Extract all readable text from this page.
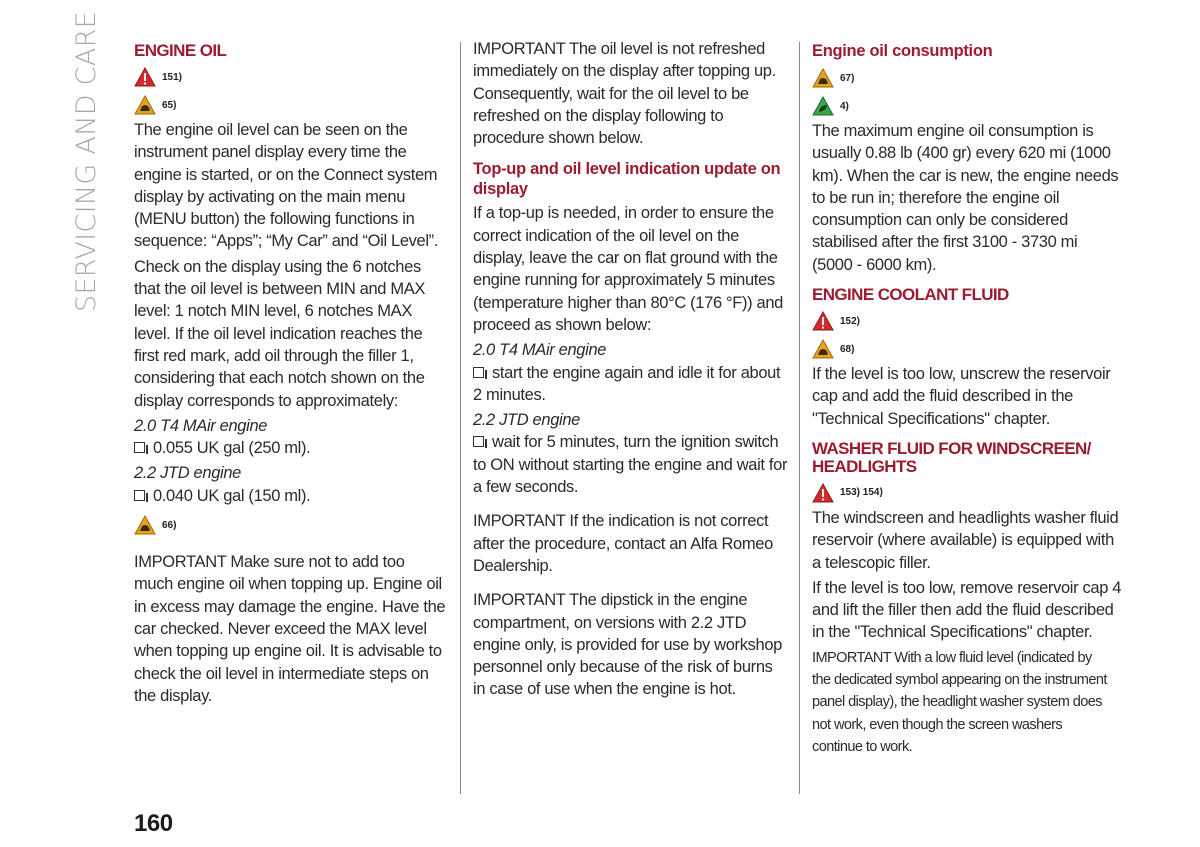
SERVICING AND CARE ENGINE OIL
151)
65)

The engine oil level can be seen on the instrument panel display every time the engine is started, or on the Connect system display by activating on the main menu (MENU button) the following functions in sequence: “Apps”; “My Car” and “Oil Level”.

Check on the display using the 6 notches that the oil level is between MIN and MAX level: 1 notch MIN level, 6 notches MAX level. If the oil level indication reaches the first red mark, add oil through the filler 1, considering that each notch shown on the display corresponds to approximately:

2.0 T4 MAir engine

0.055 UK gal (250 ml).

2.2 JTD engine

0.040 UK gal (150 ml).

66)

IMPORTANT Make sure not to add too much engine oil when topping up. Engine oil in excess may damage the engine. Have the car checked. Never exceed the MAX level when topping up engine oil. It is advisable to check the oil level in intermediate steps on the display.

IMPORTANT The oil level is not refreshed immediately on the display after topping up. Consequently, wait for the oil level to be refreshed on the display following to procedure shown below.

Top-up and oil level indication update on display

If a top-up is needed, in order to ensure the correct indication of the oil level on the display, leave the car on flat ground with the engine running for approximately 5 minutes (temperature higher than 80°C (176 °F)) and proceed as shown below:

2.0 T4 MAir engine

start the engine again and idle it for about 2 minutes.

2.2 JTD engine

wait for 5 minutes, turn the ignition switch to ON without starting the engine and wait for a few seconds.

IMPORTANT If the indication is not correct after the procedure, contact an Alfa Romeo Dealership.

IMPORTANT The dipstick in the engine compartment, on versions with 2.2 JTD engine only, is provided for use by workshop personnel only because of the risk of burns in case of use when the engine is hot.

Engine oil consumption
67)
4)

The maximum engine oil consumption is usually 0.88 lb (400 gr) every 620 mi (1000 km). When the car is new, the engine needs to be run in; therefore the engine oil consumption can only be considered stabilised after the first 3100 - 3730 mi (5000 - 6000 km).

ENGINE COOLANT FLUID
152)
68)

If the level is too low, unscrew the reservoir cap and add the fluid described in the "Technical Specifications" chapter.

WASHER FLUID FOR WINDSCREEN/ HEADLIGHTS
153) 154)

The windscreen and headlights washer fluid reservoir (where available) is equipped with a telescopic filler.

If the level is too low, remove reservoir cap 4 and lift the filler then add the fluid described in the "Technical Specifications" chapter.

IMPORTANT With a low fluid level (indicated by the dedicated symbol appearing on the instrument panel display), the headlight washer system does not work, even though the screen washers continue to work.

160
